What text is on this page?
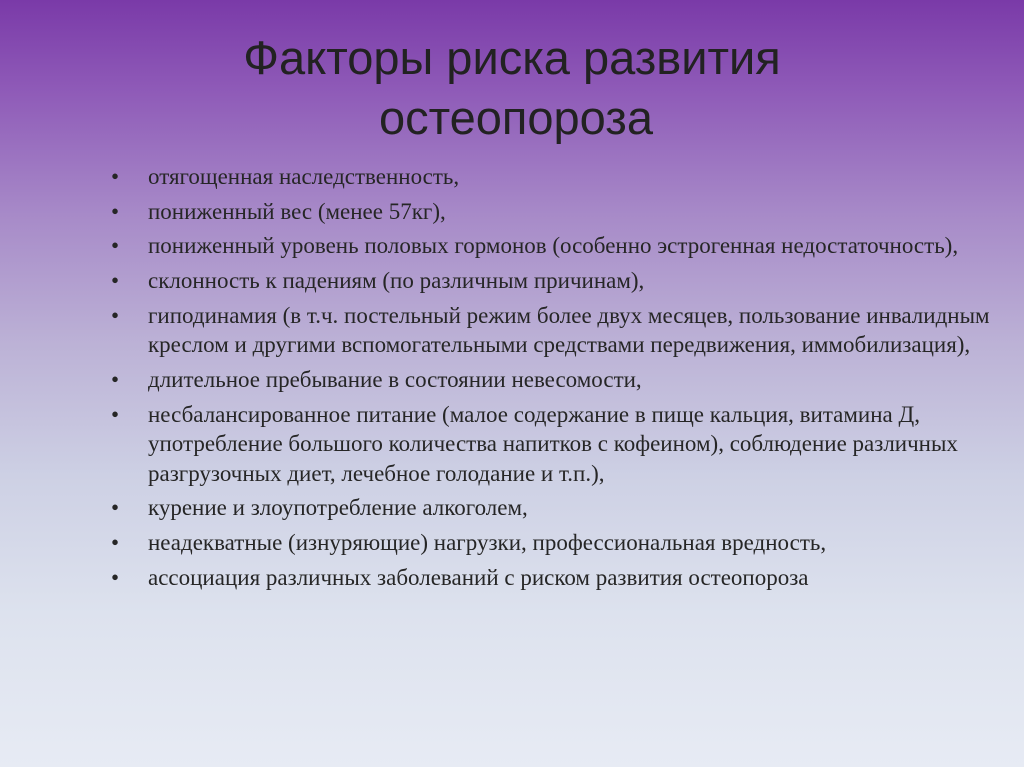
Факторы риска развития
остеопороза
• отягощенная наследственность,
• пониженный вес (менее 57кг),
• пониженный уровень половых гормонов (особенно эстрогенная недостаточность),
• склонность к падениям (по различным причинам),
• гиподинамия (в т.ч. постельный режим более двух месяцев, пользование инвалидным креслом и другими вспомогательными средствами передвижения, иммобилизация),
• длительное пребывание в состоянии невесомости,
• несбалансированное питание (малое содержание в пище кальция, витамина Д, употребление большого количества напитков с кофеином), соблюдение различных разгрузочных диет, лечебное голодание и т.п.),
• курение и злоупотребление алкоголем,
• неадекватные (изнуряющие) нагрузки, профессиональная вредность,
• ассоциация различных заболеваний с риском развития остеопороза
